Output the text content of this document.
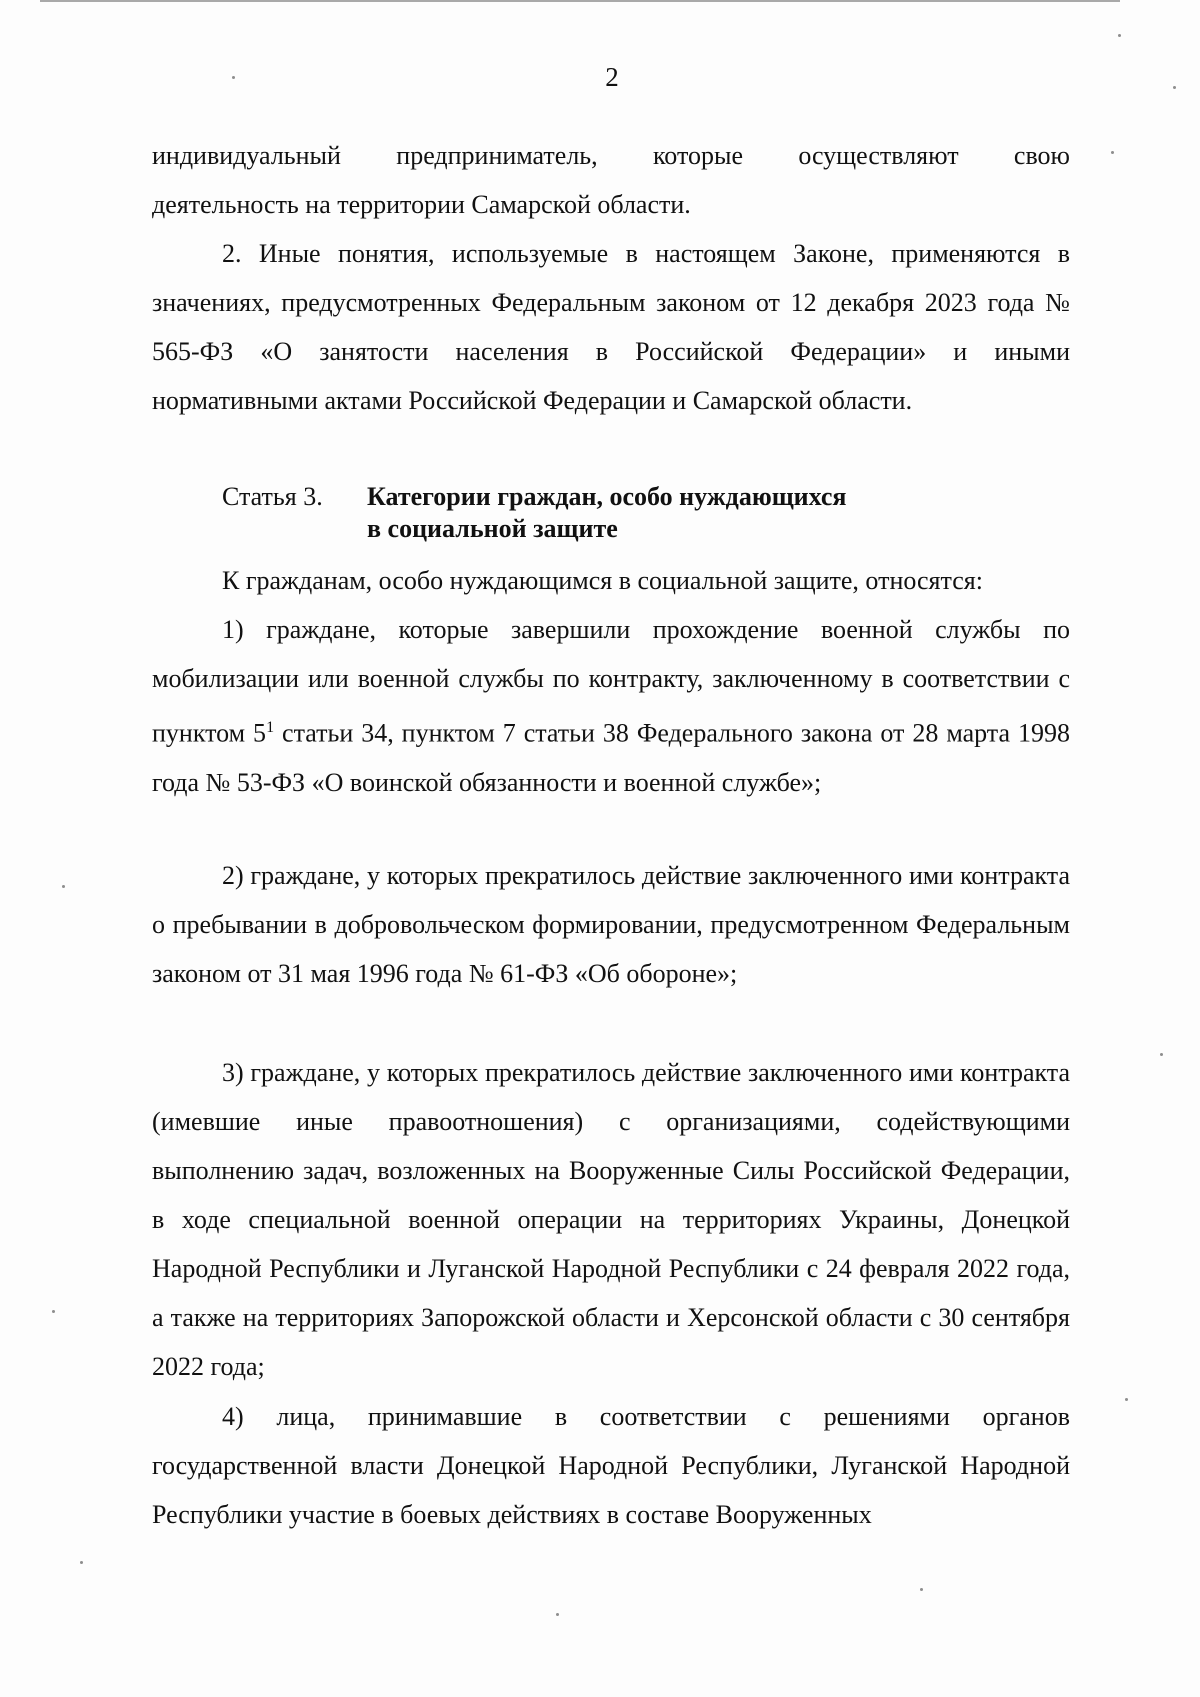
2
индивидуальный предприниматель, которые осуществляют свою
деятельность на территории Самарской области.

2. Иные понятия, используемые в настоящем Законе, применяются в значениях, предусмотренных Федеральным законом от 12 декабря 2023 года № 565-ФЗ «О занятости населения в Российской Федерации» и иными нормативными актами Российской Федерации и Самарской области.

Статья 3. Категории граждан, особо нуждающихся
в социальной защите

К гражданам, особо нуждающимся в социальной защите, относятся:

1) граждане, которые завершили прохождение военной службы по мобилизации или военной службы по контракту, заключенному в соответствии с пунктом $5^1$ статьи 34, пунктом 7 статьи 38 Федерального закона от 28 марта 1998 года № 53-ФЗ «О воинской обязанности и военной службе»;

2) граждане, у которых прекратилось действие заключенного ими контракта о пребывании в добровольческом формировании, предусмотренном Федеральным законом от 31 мая 1996 года № 61-ФЗ «Об обороне»;

3) граждане, у которых прекратилось действие заключенного ими контракта (имевшие иные правоотношения) с организациями, содействующими выполнению задач, возложенных на Вооруженные Силы Российской Федерации, в ходе специальной военной операции на территориях Украины, Донецкой Народной Республики и Луганской Народной Республики с 24 февраля 2022 года, а также на территориях Запорожской области и Херсонской области с 30 сентября 2022 года;

4) лица, принимавшие в соответствии с решениями органов государственной власти Донецкой Народной Республики, Луганской Народной Республики участие в боевых действиях в составе Вооруженных
